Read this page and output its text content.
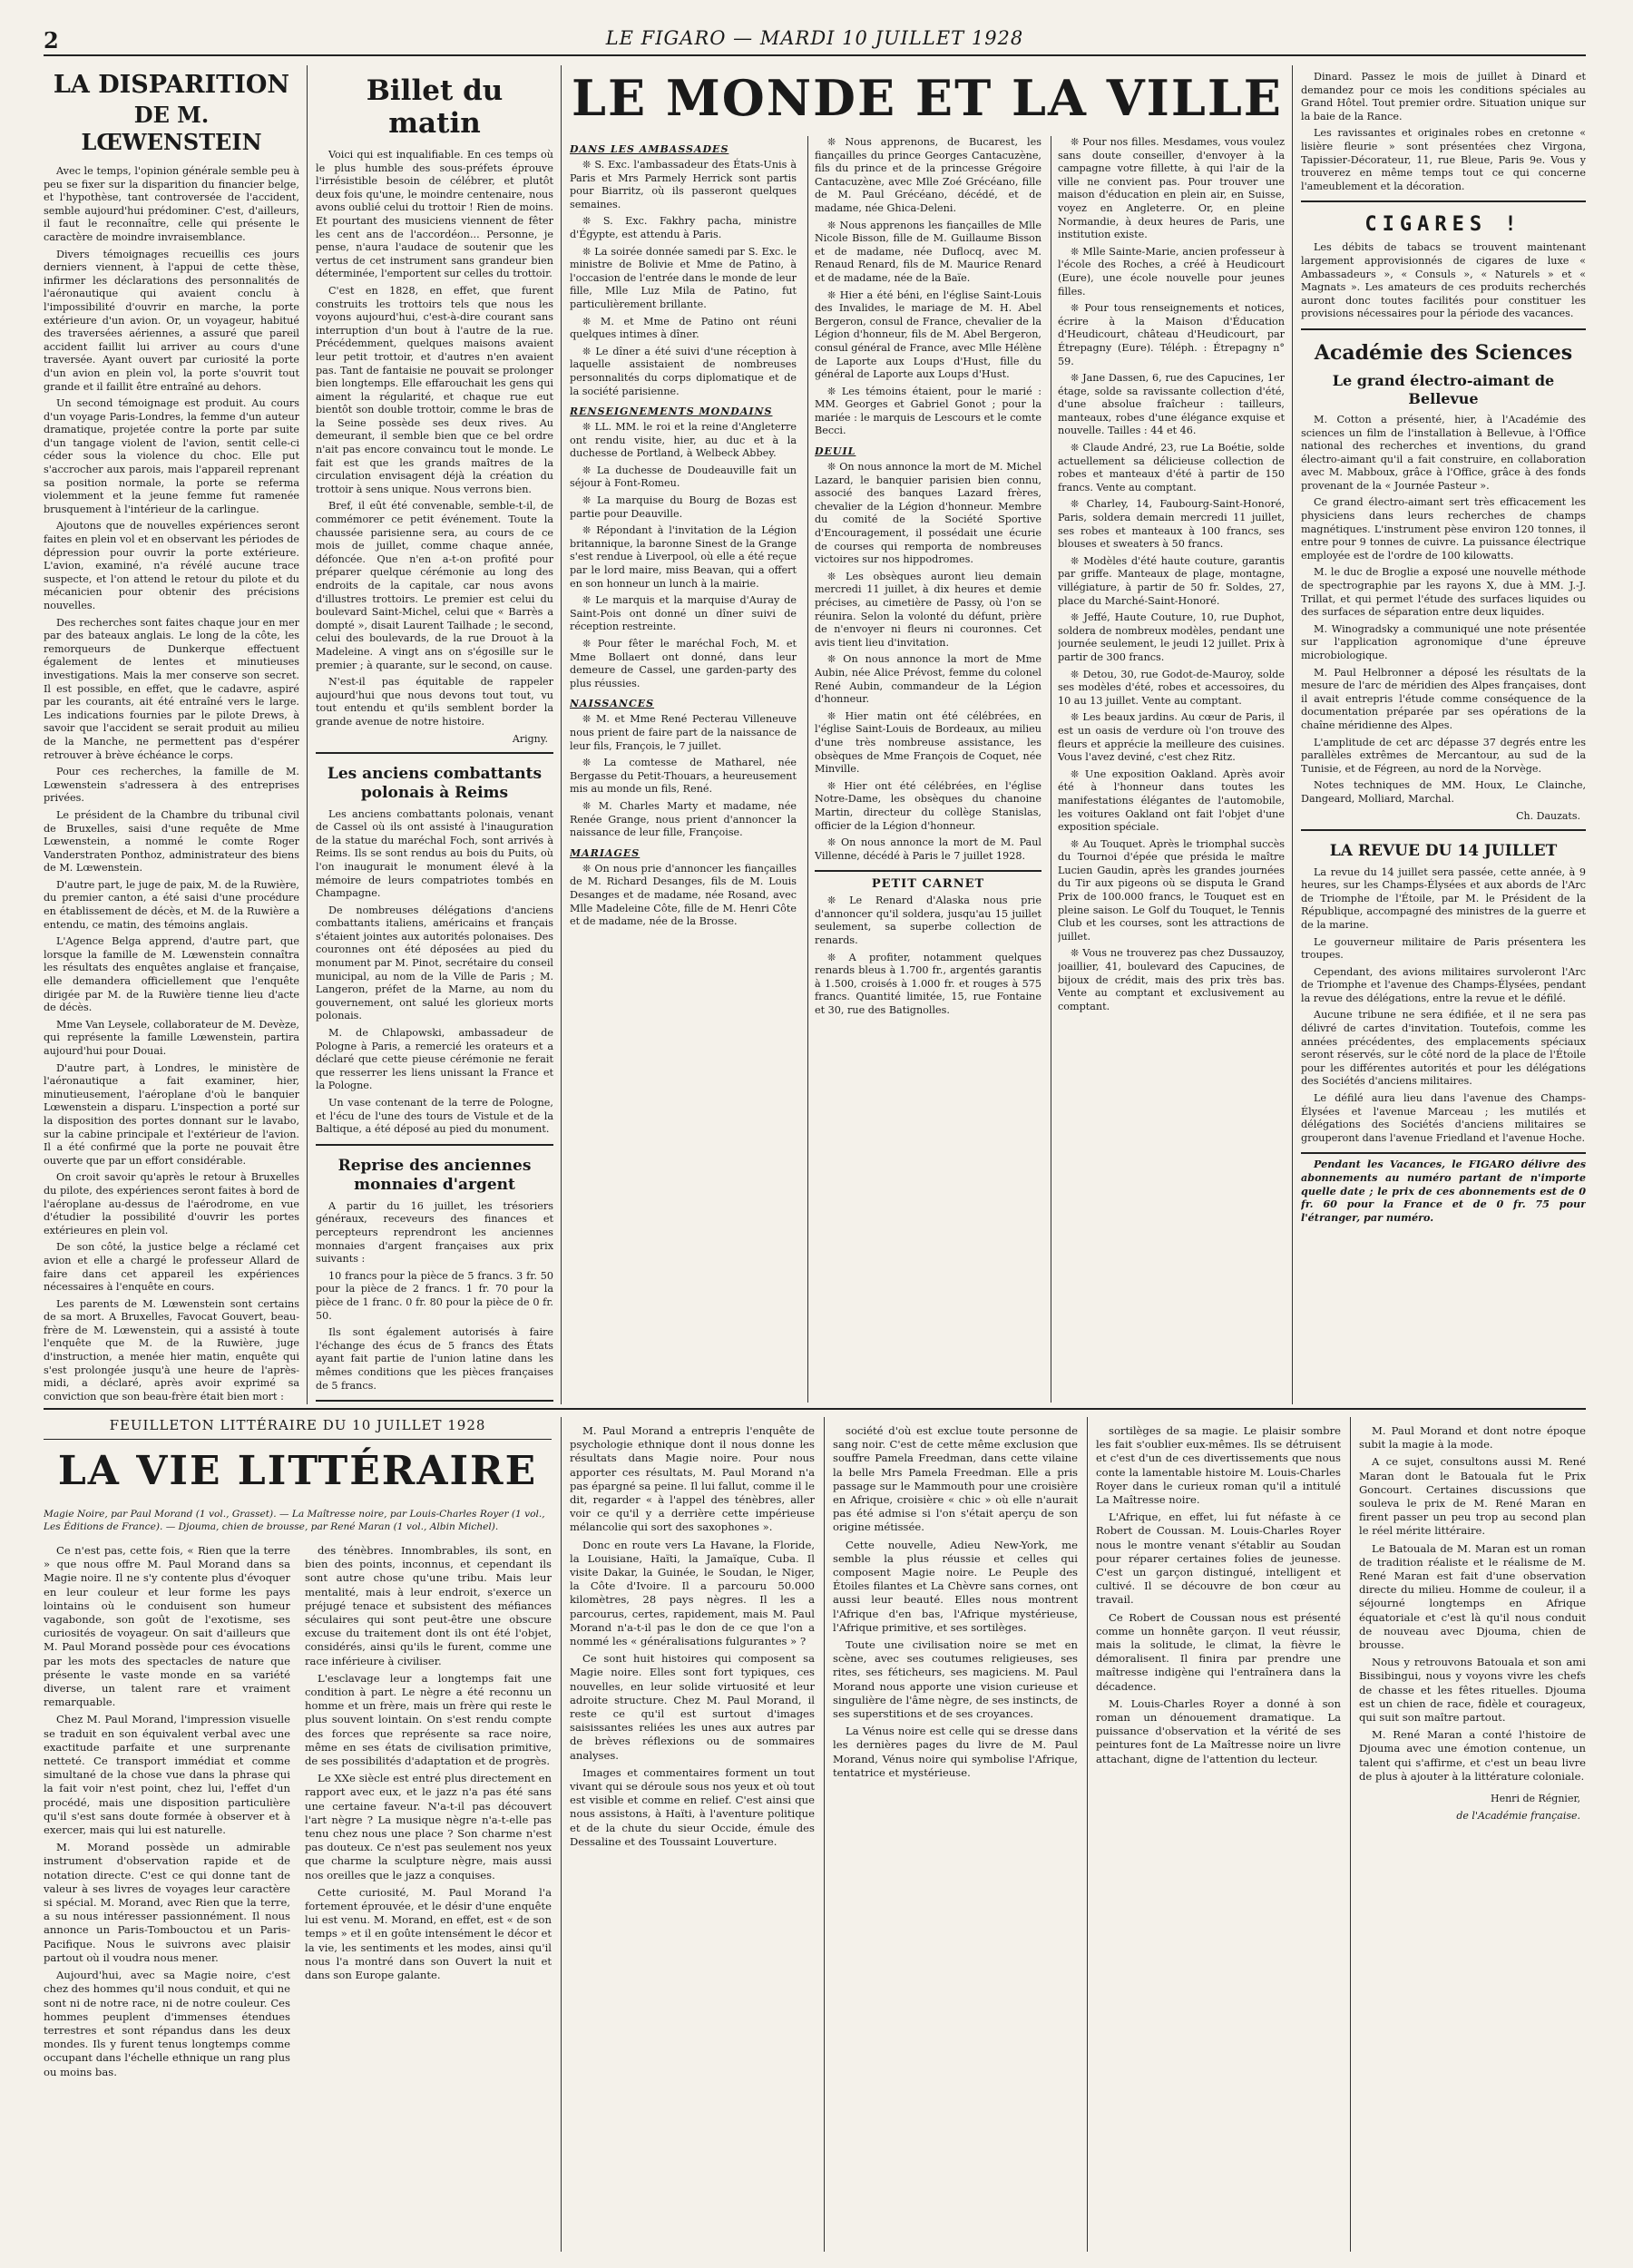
2	LE FIGARO — MARDI 10 JUILLET 1928
LA DISPARITION
DE M. LŒWENSTEIN

Avec le temps, l'opinion générale semble peu à peu se fixer sur la disparition du financier belge, et l'hypothèse, tant controversée de l'accident, semble aujourd'hui prédominer. C'est, d'ailleurs, il faut le reconnaître, celle qui présente le caractère de moindre invraisemblance.

Divers témoignages recueillis ces jours derniers viennent, à l'appui de cette thèse, infirmer les déclarations des personnalités de l'aéronautique qui avaient conclu à l'impossibilité d'ouvrir en marche, la porte extérieure d'un avion. Or, un voyageur, habitué des traversées aériennes, a assuré que pareil accident faillit lui arriver au cours d'une traversée. Ayant ouvert par curiosité la porte d'un avion en plein vol, la porte s'ouvrit tout grande et il faillit être entraîné au dehors.

Un second témoignage est produit. Au cours d'un voyage Paris-Londres, la femme d'un auteur dramatique, projetée contre la porte par suite d'un tangage violent de l'avion, sentit celle-ci céder sous la violence du choc. Elle put s'accrocher aux parois, mais l'appareil reprenant sa position normale, la porte se referma violemment et la jeune femme fut ramenée brusquement à l'intérieur de la carlingue.

Ajoutons que de nouvelles expériences seront faites en plein vol et en observant les périodes de dépression pour ouvrir la porte extérieure. L'avion, examiné, n'a révélé aucune trace suspecte, et l'on attend le retour du pilote et du mécanicien pour obtenir des précisions nouvelles.

Des recherches sont faites chaque jour en mer par des bateaux anglais. Le long de la côte, les remorqueurs de Dunkerque effectuent également de lentes et minutieuses investigations. Mais la mer conserve son secret. Il est possible, en effet, que le cadavre, aspiré par les courants, ait été entraîné vers le large. Les indications fournies par le pilote Drews, à savoir que l'accident se serait produit au milieu de la Manche, ne permettent pas d'espérer retrouver à brève échéance le corps.

Pour ces recherches, la famille de M. Lœwenstein s'adressera à des entreprises privées.

Le président de la Chambre du tribunal civil de Bruxelles, saisi d'une requête de Mme Lœwenstein, a nommé le comte Roger Vanderstraten Ponthoz, administrateur des biens de M. Lœwenstein.

D'autre part, le juge de paix, M. de la Ruwière, du premier canton, a été saisi d'une procédure en établissement de décès, et M. de la Ruwière a entendu, ce matin, des témoins anglais.

L'Agence Belga apprend, d'autre part, que lorsque la famille de M. Lœwenstein connaîtra les résultats des enquêtes anglaise et française, elle demandera officiellement que l'enquête dirigée par M. de la Ruwière tienne lieu d'acte de décès.

Mme Van Leysele, collaborateur de M. Devèze, qui représente la famille Lœwenstein, partira aujourd'hui pour Douai.

D'autre part, à Londres, le ministère de l'aéronautique a fait examiner, hier, minutieusement, l'aéroplane d'où le banquier Lœwenstein a disparu. L'inspection a porté sur la disposition des portes donnant sur le lavabo, sur la cabine principale et l'extérieur de l'avion. Il a été confirmé que la porte ne pouvait être ouverte que par un effort considérable.

On croit savoir qu'après le retour à Bruxelles du pilote, des expériences seront faites à bord de l'aéroplane au-dessus de l'aérodrome, en vue d'étudier la possibilité d'ouvrir les portes extérieures en plein vol.

De son côté, la justice belge a réclamé cet avion et elle a chargé le professeur Allard de faire dans cet appareil les expériences nécessaires à l'enquête en cours.

Les parents de M. Lœwenstein sont certains de sa mort. A Bruxelles, Favocat Gouvert, beau-frère de M. Lœwenstein, qui a assisté à toute l'enquête que M. de la Ruwière, juge d'instruction, a menée hier matin, enquête qui s'est prolongée jusqu'à une heure de l'après-midi, a déclaré, après avoir exprimé sa conviction que son beau-frère était bien mort :

Billet du matin

Voici qui est inqualifiable. En ces temps où le plus humble des sous-préfets éprouve l'irrésistible besoin de célébrer, et plutôt deux fois qu'une, le moindre centenaire, nous avons oublié celui du trottoir ! Rien de moins. Et pourtant des musiciens viennent de fêter les cent ans de l'accordéon... Personne, je pense, n'aura l'audace de soutenir que les vertus de cet instrument sans grandeur bien déterminée, l'emportent sur celles du trottoir.

C'est en 1828, en effet, que furent construits les trottoirs tels que nous les voyons aujourd'hui, c'est-à-dire courant sans interruption d'un bout à l'autre de la rue. Précédemment, quelques maisons avaient leur petit trottoir, et d'autres n'en avaient pas. Tant de fantaisie ne pouvait se prolonger bien longtemps. Elle effarouchait les gens qui aiment la régularité, et chaque rue eut bientôt son double trottoir, comme le bras de la Seine possède ses deux rives. Au demeurant, il semble bien que ce bel ordre n'ait pas encore convaincu tout le monde. Le fait est que les grands maîtres de la circulation envisagent déjà la création du trottoir à sens unique. Nous verrons bien.

Bref, il eût été convenable, semble-t-il, de commémorer ce petit événement. Toute la chaussée parisienne sera, au cours de ce mois de juillet, comme chaque année, défoncée. Que n'en a-t-on profité pour préparer quelque cérémonie au long des endroits de la capitale, car nous avons d'illustres trottoirs. Le premier est celui du boulevard Saint-Michel, celui que « Barrès a dompté », disait Laurent Tailhade ; le second, celui des boulevards, de la rue Drouot à la Madeleine. A vingt ans on s'égosille sur le premier ; à quarante, sur le second, on cause.

N'est-il pas équitable de rappeler aujourd'hui que nous devons tout tout, vu tout entendu et qu'ils semblent border la grande avenue de notre histoire.

Arigny.
Les anciens combattants polonais à Reims

Les anciens combattants polonais, venant de Cassel où ils ont assisté à l'inauguration de la statue du maréchal Foch, sont arrivés à Reims. Ils se sont rendus au bois du Puits, où l'on inaugurait le monument élevé à la mémoire de leurs compatriotes tombés en Champagne.

De nombreuses délégations d'anciens combattants italiens, américains et français s'étaient jointes aux autorités polonaises. Des couronnes ont été déposées au pied du monument par M. Pinot, secrétaire du conseil municipal, au nom de la Ville de Paris ; M. Langeron, préfet de la Marne, au nom du gouvernement, ont salué les glorieux morts polonais.

M. de Chlapowski, ambassadeur de Pologne à Paris, a remercié les orateurs et a déclaré que cette pieuse cérémonie ne ferait que resserrer les liens unissant la France et la Pologne.

Un vase contenant de la terre de Pologne, et l'écu de l'une des tours de Vistule et de la Baltique, a été déposé au pied du monument.

Reprise des anciennes monnaies d'argent

A partir du 16 juillet, les trésoriers généraux, receveurs des finances et percepteurs reprendront les anciennes monnaies d'argent françaises aux prix suivants :

10 francs pour la pièce de 5 francs. 3 fr. 50 pour la pièce de 2 francs. 1 fr. 70 pour la pièce de 1 franc. 0 fr. 80 pour la pièce de 0 fr. 50.

Ils sont également autorisés à faire l'échange des écus de 5 francs des États ayant fait partie de l'union latine dans les mêmes conditions que les pièces françaises de 5 francs.

LE MONDE ET LA VILLE
DANS LES AMBASSADES

❊ S. Exc. l'ambassadeur des États-Unis à Paris et Mrs Parmely Herrick sont partis pour Biarritz, où ils passeront quelques semaines.

❊ S. Exc. Fakhry pacha, ministre d'Égypte, est attendu à Paris.

❊ La soirée donnée samedi par S. Exc. le ministre de Bolivie et Mme de Patino, à l'occasion de l'entrée dans le monde de leur fille, Mlle Luz Mila de Patino, fut particulièrement brillante.

❊ M. et Mme de Patino ont réuni quelques intimes à dîner.

❊ Le dîner a été suivi d'une réception à laquelle assistaient de nombreuses personnalités du corps diplomatique et de la société parisienne.

RENSEIGNEMENTS MONDAINS

❊ LL. MM. le roi et la reine d'Angleterre ont rendu visite, hier, au duc et à la duchesse de Portland, à Welbeck Abbey.

❊ La duchesse de Doudeauville fait un séjour à Font-Romeu.

❊ La marquise du Bourg de Bozas est partie pour Deauville.

❊ Répondant à l'invitation de la Légion britannique, la baronne Sinest de la Grange s'est rendue à Liverpool, où elle a été reçue par le lord maire, miss Beavan, qui a offert en son honneur un lunch à la mairie.

❊ Le marquis et la marquise d'Auray de Saint-Pois ont donné un dîner suivi de réception restreinte.

❊ Pour fêter le maréchal Foch, M. et Mme Bollaert ont donné, dans leur demeure de Cassel, une garden-party des plus réussies.

NAISSANCES

❊ M. et Mme René Pecterau Villeneuve nous prient de faire part de la naissance de leur fils, François, le 7 juillet.

❊ La comtesse de Matharel, née Bergasse du Petit-Thouars, a heureusement mis au monde un fils, René.

❊ M. Charles Marty et madame, née Renée Grange, nous prient d'annoncer la naissance de leur fille, Françoise.

MARIAGES

❊ On nous prie d'annoncer les fiançailles de M. Richard Desanges, fils de M. Louis Desanges et de madame, née Rosand, avec Mlle Madeleine Côte, fille de M. Henri Côte et de madame, née de la Brosse.

❊ Nous apprenons, de Bucarest, les fiançailles du prince Georges Cantacuzène, fils du prince et de la princesse Grégoire Cantacuzène, avec Mlle Zoé Grécéano, fille de M. Paul Grécéano, décédé, et de madame, née Ghica-Deleni.

❊ Nous apprenons les fiançailles de Mlle Nicole Bisson, fille de M. Guillaume Bisson et de madame, née Duflocq, avec M. Renaud Renard, fils de M. Maurice Renard et de madame, née de la Baïe.

❊ Hier a été béni, en l'église Saint-Louis des Invalides, le mariage de M. H. Abel Bergeron, consul de France, chevalier de la Légion d'honneur, fils de M. Abel Bergeron, consul général de France, avec Mlle Hélène de Laporte aux Loups d'Hust, fille du général de Laporte aux Loups d'Hust.

❊ Les témoins étaient, pour le marié : MM. Georges et Gabriel Gonot ; pour la mariée : le marquis de Lescours et le comte Becci.

DEUIL

❊ On nous annonce la mort de M. Michel Lazard, le banquier parisien bien connu, associé des banques Lazard frères, chevalier de la Légion d'honneur. Membre du comité de la Société Sportive d'Encouragement, il possédait une écurie de courses qui remporta de nombreuses victoires sur nos hippodromes.

❊ Les obsèques auront lieu demain mercredi 11 juillet, à dix heures et demie précises, au cimetière de Passy, où l'on se réunira. Selon la volonté du défunt, prière de n'envoyer ni fleurs ni couronnes. Cet avis tient lieu d'invitation.

❊ On nous annonce la mort de Mme Aubin, née Alice Prévost, femme du colonel René Aubin, commandeur de la Légion d'honneur.

❊ Hier matin ont été célébrées, en l'église Saint-Louis de Bordeaux, au milieu d'une très nombreuse assistance, les obsèques de Mme François de Coquet, née Minville.

❊ Hier ont été célébrées, en l'église Notre-Dame, les obsèques du chanoine Martin, directeur du collège Stanislas, officier de la Légion d'honneur.

❊ On nous annonce la mort de M. Paul Villenne, décédé à Paris le 7 juillet 1928.

PETIT CARNET

❊ Le Renard d'Alaska nous prie d'annoncer qu'il soldera, jusqu'au 15 juillet seulement, sa superbe collection de renards.

❊ A profiter, notamment quelques renards bleus à 1.700 fr., argentés garantis à 1.500, croisés à 1.000 fr. et rouges à 575 francs. Quantité limitée, 15, rue Fontaine et 30, rue des Batignolles.

❊ Pour nos filles. Mesdames, vous voulez sans doute conseiller, d'envoyer à la campagne votre fillette, à qui l'air de la ville ne convient pas. Pour trouver une maison d'éducation en plein air, en Suisse, voyez en Angleterre. Or, en pleine Normandie, à deux heures de Paris, une institution existe.

❊ Mlle Sainte-Marie, ancien professeur à l'école des Roches, a créé à Heudicourt (Eure), une école nouvelle pour jeunes filles.

❊ Pour tous renseignements et notices, écrire à la Maison d'Éducation d'Heudicourt, château d'Heudicourt, par Étrepagny (Eure). Téléph. : Étrepagny n° 59.

❊ Jane Dassen, 6, rue des Capucines, 1er étage, solde sa ravissante collection d'été, d'une absolue fraîcheur : tailleurs, manteaux, robes d'une élégance exquise et nouvelle. Tailles : 44 et 46.

❊ Claude André, 23, rue La Boétie, solde actuellement sa délicieuse collection de robes et manteaux d'été à partir de 150 francs. Vente au comptant.

❊ Charley, 14, Faubourg-Saint-Honoré, Paris, soldera demain mercredi 11 juillet, ses robes et manteaux à 100 francs, ses blouses et sweaters à 50 francs.

❊ Modèles d'été haute couture, garantis par griffe. Manteaux de plage, montagne, villégiature, à partir de 50 fr. Soldes, 27, place du Marché-Saint-Honoré.

❊ Jeffé, Haute Couture, 10, rue Duphot, soldera de nombreux modèles, pendant une journée seulement, le jeudi 12 juillet. Prix à partir de 300 francs.

❊ Detou, 30, rue Godot-de-Mauroy, solde ses modèles d'été, robes et accessoires, du 10 au 13 juillet. Vente au comptant.

❊ Les beaux jardins. Au cœur de Paris, il est un oasis de verdure où l'on trouve des fleurs et apprécie la meilleure des cuisines. Vous l'avez deviné, c'est chez Ritz.

❊ Une exposition Oakland. Après avoir été à l'honneur dans toutes les manifestations élégantes de l'automobile, les voitures Oakland ont fait l'objet d'une exposition spéciale.

❊ Au Touquet. Après le triomphal succès du Tournoi d'épée que présida le maître Lucien Gaudin, après les grandes journées du Tir aux pigeons où se disputa le Grand Prix de 100.000 francs, le Touquet est en pleine saison. Le Golf du Touquet, le Tennis Club et les courses, sont les attractions de juillet.

❊ Vous ne trouverez pas chez Dussauzoy, joaillier, 41, boulevard des Capucines, de bijoux de crédit, mais des prix très bas. Vente au comptant et exclusivement au comptant.

Dinard. Passez le mois de juillet à Dinard et demandez pour ce mois les conditions spéciales au Grand Hôtel. Tout premier ordre. Situation unique sur la baie de la Rance.

Les ravissantes et originales robes en cretonne « lisière fleurie » sont présentées chez Virgona, Tapissier-Décorateur, 11, rue Bleue, Paris 9e. Vous y trouverez en même temps tout ce qui concerne l'ameublement et la décoration.

CIGARES !

Les débits de tabacs se trouvent maintenant largement approvisionnés de cigares de luxe « Ambassadeurs », « Consuls », « Naturels » et « Magnats ». Les amateurs de ces produits recherchés auront donc toutes facilités pour constituer les provisions nécessaires pour la période des vacances.

Académie des Sciences
Le grand électro-aimant de Bellevue

M. Cotton a présenté, hier, à l'Académie des sciences un film de l'installation à Bellevue, à l'Office national des recherches et inventions, du grand électro-aimant qu'il a fait construire, en collaboration avec M. Mabboux, grâce à l'Office, grâce à des fonds provenant de la « Journée Pasteur ».

Ce grand électro-aimant sert très efficacement les physiciens dans leurs recherches de champs magnétiques. L'instrument pèse environ 120 tonnes, il entre pour 9 tonnes de cuivre. La puissance électrique employée est de l'ordre de 100 kilowatts.

M. le duc de Broglie a exposé une nouvelle méthode de spectrographie par les rayons X, due à MM. J.-J. Trillat, et qui permet l'étude des surfaces liquides ou des surfaces de séparation entre deux liquides.

M. Winogradsky a communiqué une note présentée sur l'application agronomique d'une épreuve microbiologique.

M. Paul Helbronner a déposé les résultats de la mesure de l'arc de méridien des Alpes françaises, dont il avait entrepris l'étude comme conséquence de la documentation préparée par ses opérations de la chaîne méridienne des Alpes.

L'amplitude de cet arc dépasse 37 degrés entre les parallèles extrêmes de Mercantour, au sud de la Tunisie, et de Fégreen, au nord de la Norvège.

Notes techniques de MM. Houx, Le Clainche, Dangeard, Molliard, Marchal.

Ch. Dauzats.
LA REVUE DU 14 JUILLET

La revue du 14 juillet sera passée, cette année, à 9 heures, sur les Champs-Élysées et aux abords de l'Arc de Triomphe de l'Étoile, par M. le Président de la République, accompagné des ministres de la guerre et de la marine.

Le gouverneur militaire de Paris présentera les troupes.

Cependant, des avions militaires survoleront l'Arc de Triomphe et l'avenue des Champs-Élysées, pendant la revue des délégations, entre la revue et le défilé.

Aucune tribune ne sera édifiée, et il ne sera pas délivré de cartes d'invitation. Toutefois, comme les années précédentes, des emplacements spéciaux seront réservés, sur le côté nord de la place de l'Étoile pour les différentes autorités et pour les délégations des Sociétés d'anciens militaires.

Le défilé aura lieu dans l'avenue des Champs-Élysées et l'avenue Marceau ; les mutilés et délégations des Sociétés d'anciens militaires se grouperont dans l'avenue Friedland et l'avenue Hoche.

Pendant les Vacances, le FIGARO délivre des abonnements au numéro partant de n'importe quelle date ; le prix de ces abonnements est de 0 fr. 60 pour la France et de 0 fr. 75 pour l'étranger, par numéro.

FEUILLETON LITTÉRAIRE DU 10 JUILLET 1928
LA VIE LITTÉRAIRE
Magie Noire, par Paul Morand (1 vol., Grasset). — La Maîtresse noire, par Louis-Charles Royer (1 vol., Les Éditions de France). — Djouma, chien de brousse, par René Maran (1 vol., Albin Michel).

Ce n'est pas, cette fois, « Rien que la terre » que nous offre M. Paul Morand dans sa Magie noire. Il ne s'y contente plus d'évoquer en leur couleur et leur forme les pays lointains où le conduisent son humeur vagabonde, son goût de l'exotisme, ses curiosités de voyageur. On sait d'ailleurs que M. Paul Morand possède pour ces évocations par les mots des spectacles de nature que présente le vaste monde en sa variété diverse, un talent rare et vraiment remarquable.

Chez M. Paul Morand, l'impression visuelle se traduit en son équivalent verbal avec une exactitude parfaite et une surprenante netteté. Ce transport immédiat et comme simultané de la chose vue dans la phrase qui la fait voir n'est point, chez lui, l'effet d'un procédé, mais une disposition particulière qu'il s'est sans doute formée à observer et à exercer, mais qui lui est naturelle.

M. Morand possède un admirable instrument d'observation rapide et de notation directe. C'est ce qui donne tant de valeur à ses livres de voyages leur caractère si spécial. M. Morand, avec Rien que la terre, a su nous intéresser passionnément. Il nous annonce un Paris-Tombouctou et un Paris-Pacifique. Nous le suivrons avec plaisir partout où il voudra nous mener.

Aujourd'hui, avec sa Magie noire, c'est chez des hommes qu'il nous conduit, et qui ne sont ni de notre race, ni de notre couleur. Ces hommes peuplent d'immenses étendues terrestres et sont répandus dans les deux mondes. Ils y furent tenus longtemps comme occupant dans l'échelle ethnique un rang plus ou moins bas.

des ténèbres. Innombrables, ils sont, en bien des points, inconnus, et cependant ils sont autre chose qu'une tribu. Mais leur mentalité, mais à leur endroit, s'exerce un préjugé tenace et subsistent des méfiances séculaires qui sont peut-être une obscure excuse du traitement dont ils ont été l'objet, considérés, ainsi qu'ils le furent, comme une race inférieure à civiliser.

L'esclavage leur a longtemps fait une condition à part. Le nègre a été reconnu un homme et un frère, mais un frère qui reste le plus souvent lointain. On s'est rendu compte des forces que représente sa race noire, même en ses états de civilisation primitive, de ses possibilités d'adaptation et de progrès.

Le XXe siècle est entré plus directement en rapport avec eux, et le jazz n'a pas été sans une certaine faveur. N'a-t-il pas découvert l'art nègre ? La musique nègre n'a-t-elle pas tenu chez nous une place ? Son charme n'est pas douteux. Ce n'est pas seulement nos yeux que charme la sculpture nègre, mais aussi nos oreilles que le jazz a conquises.

Cette curiosité, M. Paul Morand l'a fortement éprouvée, et le désir d'une enquête lui est venu. M. Morand, en effet, est « de son temps » et il en goûte intensément le décor et la vie, les sentiments et les modes, ainsi qu'il nous l'a montré dans son Ouvert la nuit et dans son Europe galante.

M. Paul Morand a entrepris l'enquête de psychologie ethnique dont il nous donne les résultats dans Magie noire. Pour nous apporter ces résultats, M. Paul Morand n'a pas épargné sa peine. Il lui fallut, comme il le dit, regarder « à l'appel des ténèbres, aller voir ce qu'il y a derrière cette impérieuse mélancolie qui sort des saxophones ».

Donc en route vers La Havane, la Floride, la Louisiane, Haïti, la Jamaïque, Cuba. Il visite Dakar, la Guinée, le Soudan, le Niger, la Côte d'Ivoire. Il a parcouru 50.000 kilomètres, 28 pays nègres. Il les a parcourus, certes, rapidement, mais M. Paul Morand n'a-t-il pas le don de ce que l'on a nommé les « généralisations fulgurantes » ?

Ce sont huit histoires qui composent sa Magie noire. Elles sont fort typiques, ces nouvelles, en leur solide virtuosité et leur adroite structure. Chez M. Paul Morand, il reste ce qu'il est surtout d'images saisissantes reliées les unes aux autres par de brèves réflexions ou de sommaires analyses.

Images et commentaires forment un tout vivant qui se déroule sous nos yeux et où tout est visible et comme en relief. C'est ainsi que nous assistons, à Haïti, à l'aventure politique et de la chute du sieur Occide, émule des Dessaline et des Toussaint Louverture.

société d'où est exclue toute personne de sang noir. C'est de cette même exclusion que souffre Pamela Freedman, dans cette vilaine la belle Mrs Pamela Freedman. Elle a pris passage sur le Mammouth pour une croisière en Afrique, croisière « chic » où elle n'aurait pas été admise si l'on s'était aperçu de son origine métissée.

Cette nouvelle, Adieu New-York, me semble la plus réussie et celles qui composent Magie noire. Le Peuple des Étoiles filantes et La Chèvre sans cornes, ont aussi leur beauté. Elles nous montrent l'Afrique d'en bas, l'Afrique mystérieuse, l'Afrique primitive, et ses sortilèges.

Toute une civilisation noire se met en scène, avec ses coutumes religieuses, ses rites, ses féticheurs, ses magiciens. M. Paul Morand nous apporte une vision curieuse et singulière de l'âme nègre, de ses instincts, de ses superstitions et de ses croyances.

La Vénus noire est celle qui se dresse dans les dernières pages du livre de M. Paul Morand, Vénus noire qui symbolise l'Afrique, tentatrice et mystérieuse.

sortilèges de sa magie. Le plaisir sombre les fait s'oublier eux-mêmes. Ils se détruisent et c'est d'un de ces divertissements que nous conte la lamentable histoire M. Louis-Charles Royer dans le curieux roman qu'il a intitulé La Maîtresse noire.

L'Afrique, en effet, lui fut néfaste à ce Robert de Coussan. M. Louis-Charles Royer nous le montre venant s'établir au Soudan pour réparer certaines folies de jeunesse. C'est un garçon distingué, intelligent et cultivé. Il se découvre de bon cœur au travail.

Ce Robert de Coussan nous est présenté comme un honnête garçon. Il veut réussir, mais la solitude, le climat, la fièvre le démoralisent. Il finira par prendre une maîtresse indigène qui l'entraînera dans la décadence.

M. Louis-Charles Royer a donné à son roman un dénouement dramatique. La puissance d'observation et la vérité de ses peintures font de La Maîtresse noire un livre attachant, digne de l'attention du lecteur.

M. Paul Morand et dont notre époque subit la magie à la mode.

A ce sujet, consultons aussi M. René Maran dont le Batouala fut le Prix Goncourt. Certaines discussions que souleva le prix de M. René Maran en firent passer un peu trop au second plan le réel mérite littéraire.

Le Batouala de M. Maran est un roman de tradition réaliste et le réalisme de M. René Maran est fait d'une observation directe du milieu. Homme de couleur, il a séjourné longtemps en Afrique équatoriale et c'est là qu'il nous conduit de nouveau avec Djouma, chien de brousse.

Nous y retrouvons Batouala et son ami Bissibingui, nous y voyons vivre les chefs de chasse et les fêtes rituelles. Djouma est un chien de race, fidèle et courageux, qui suit son maître partout.

M. René Maran a conté l'histoire de Djouma avec une émotion contenue, un talent qui s'affirme, et c'est un beau livre de plus à ajouter à la littérature coloniale.

Henri de Régnier,
de l'Académie française.
